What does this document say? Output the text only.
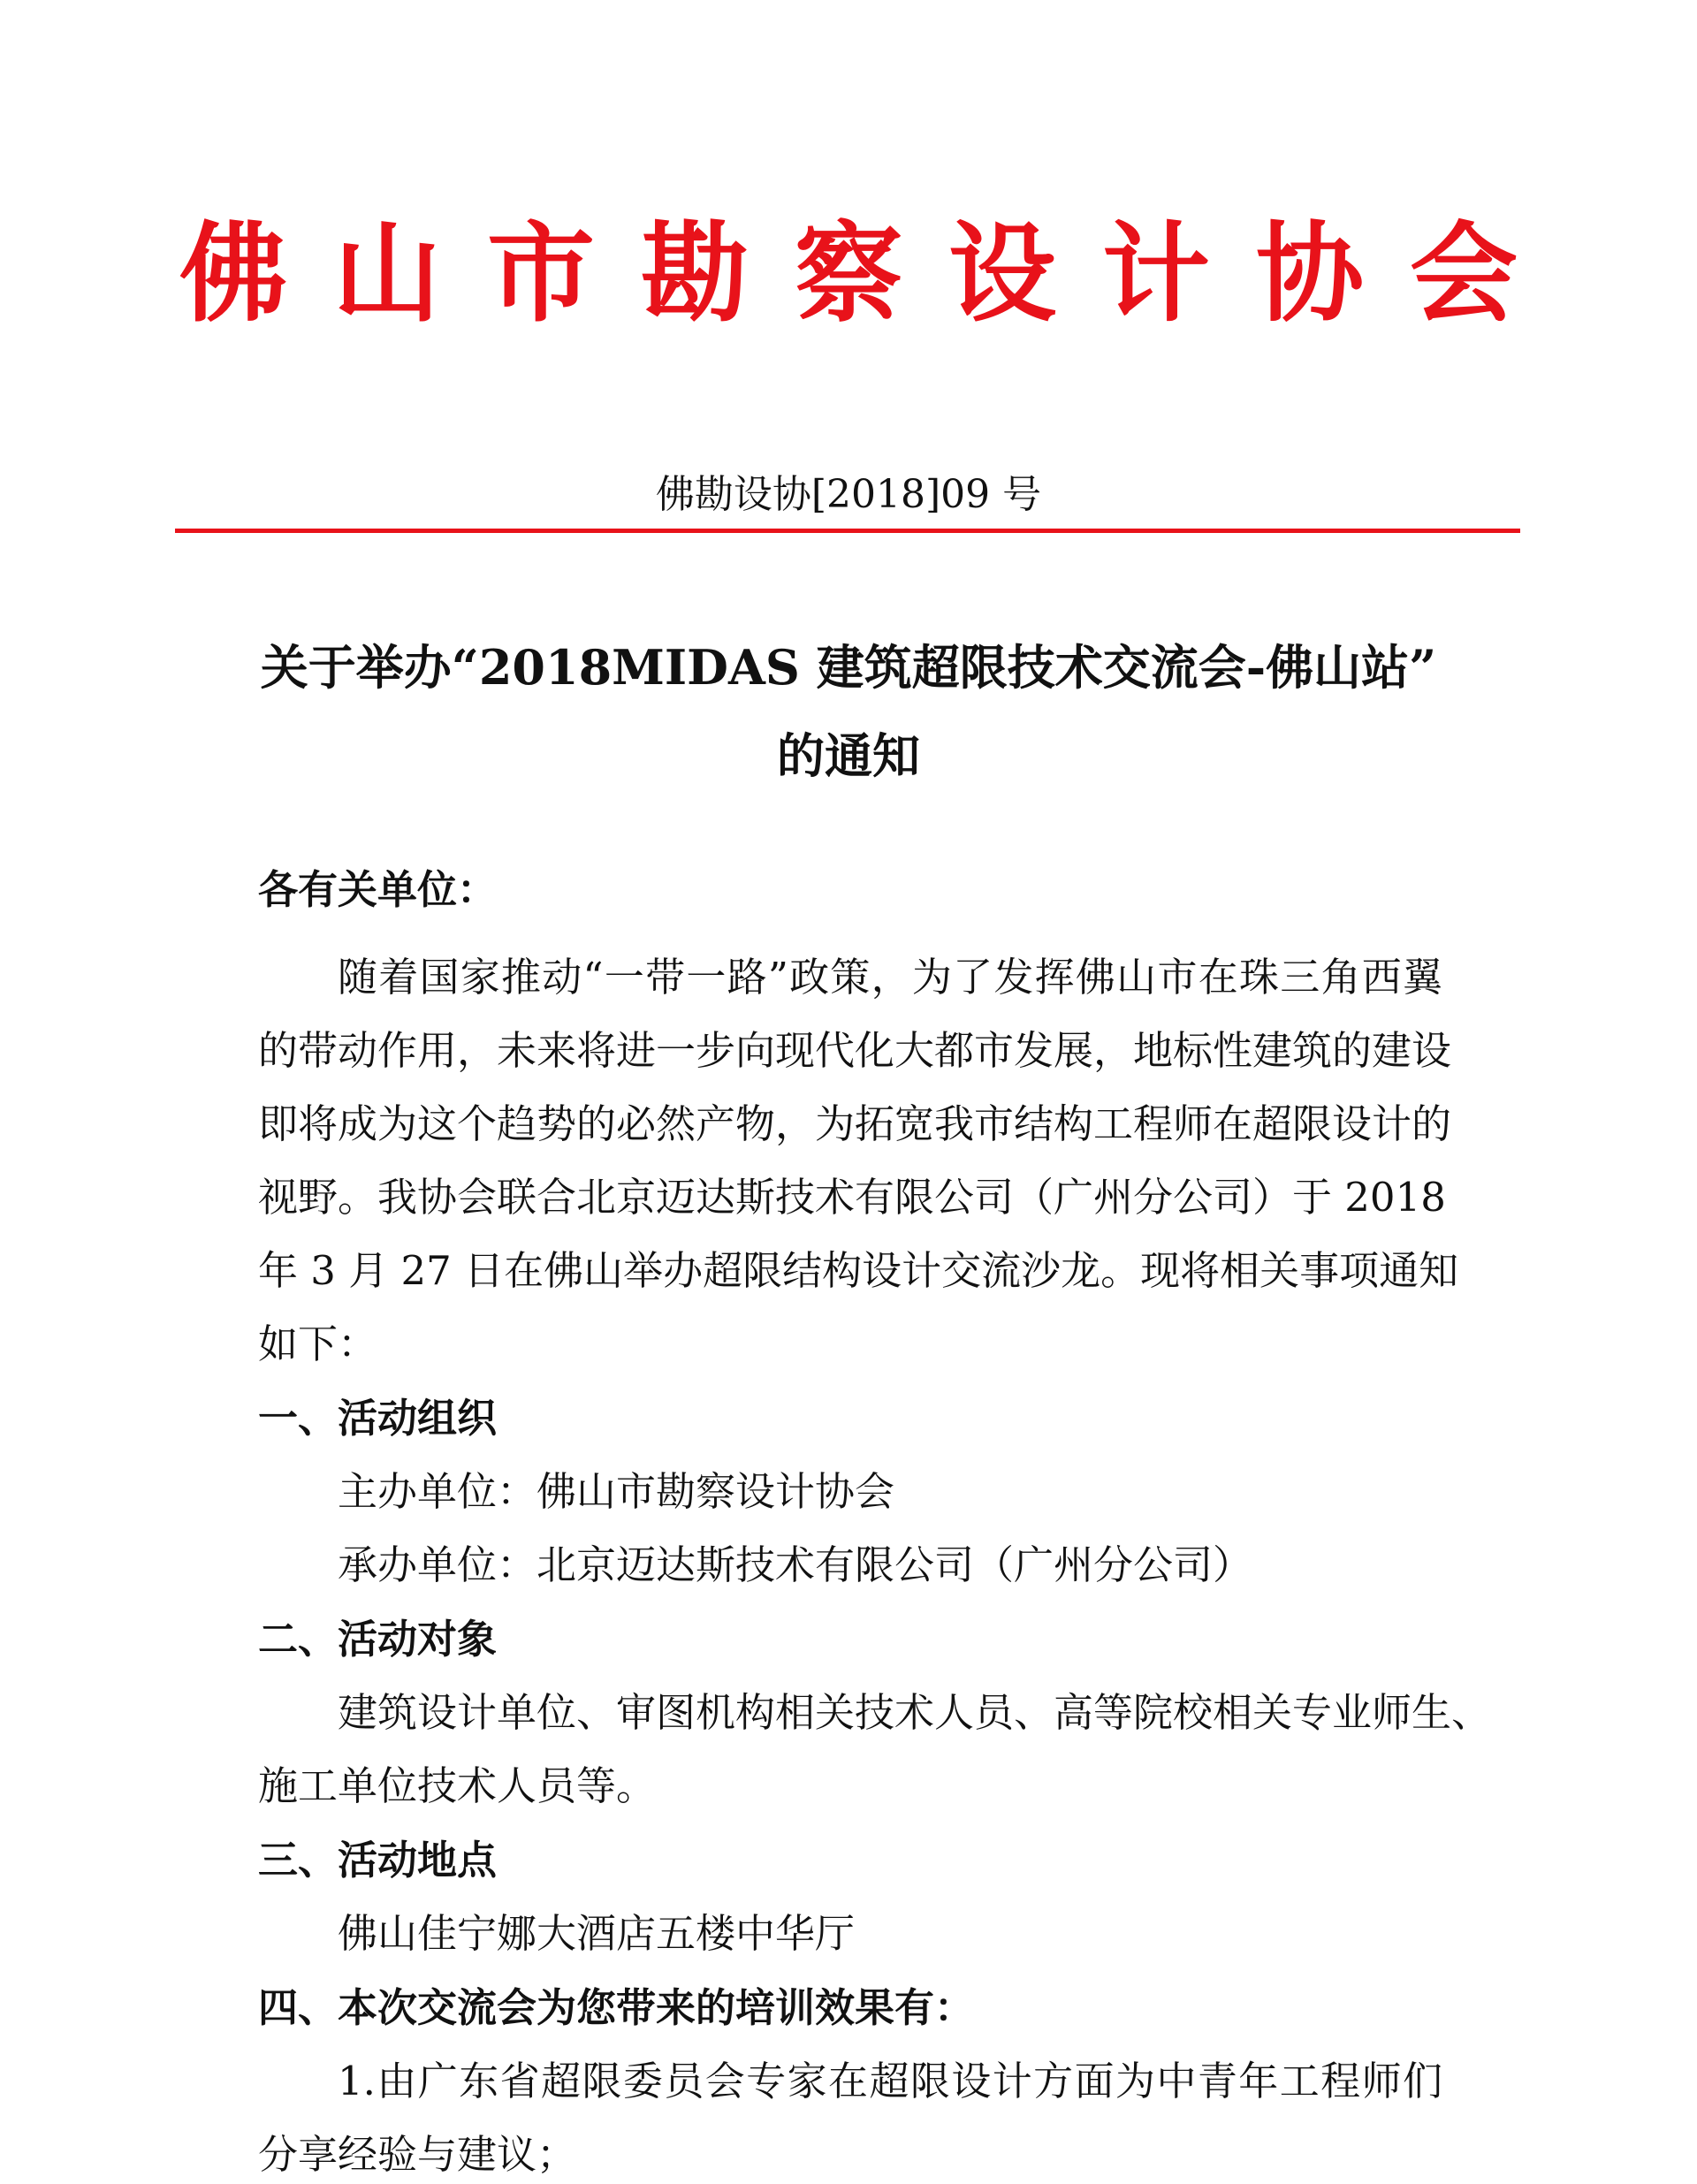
佛山市勘察设计协会
佛勘设协[2018]09 号
关于举办“2018MIDAS 建筑超限技术交流会-佛山站”
的通知
各有关单位：
随着国家推动“一带一路”政策，为了发挥佛山市在珠三角西翼
的带动作用，未来将进一步向现代化大都市发展，地标性建筑的建设
即将成为这个趋势的必然产物，为拓宽我市结构工程师在超限设计的
视野。我协会联合北京迈达斯技术有限公司（广州分公司）于 2018
年 3 月 27 日在佛山举办超限结构设计交流沙龙。现将相关事项通知
如下：
一、活动组织
主办单位：佛山市勘察设计协会
承办单位：北京迈达斯技术有限公司（广州分公司）
二、活动对象
建筑设计单位、审图机构相关技术人员、高等院校相关专业师生、
施工单位技术人员等。
三、活动地点
佛山佳宁娜大酒店五楼中华厅
四、本次交流会为您带来的培训效果有：
1.由广东省超限委员会专家在超限设计方面为中青年工程师们
分享经验与建议；
